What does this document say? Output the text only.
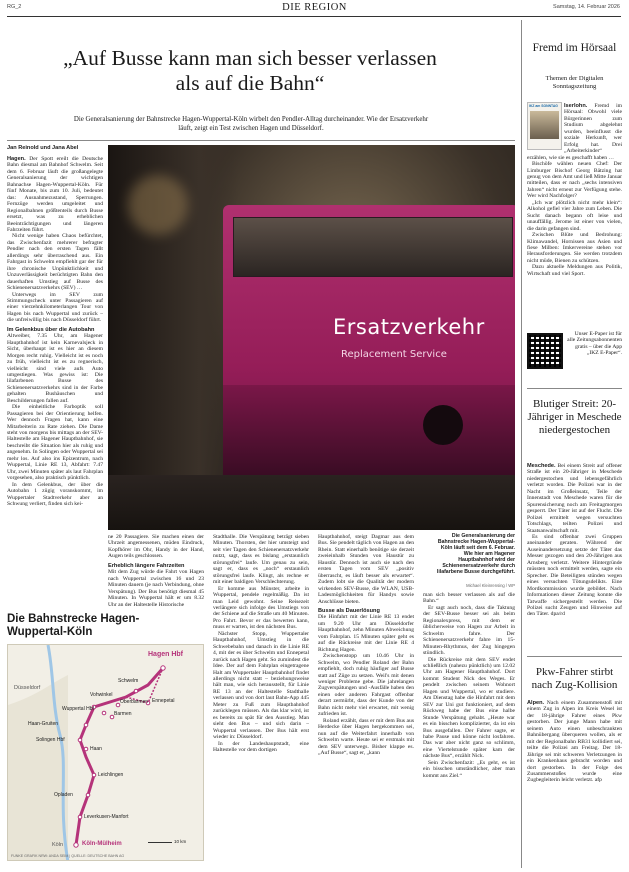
RG_2	DIE REGION	Samstag, 14. Februar 2026
„Auf Busse kann man sich besser verlassen als auf die Bahn“
Die Generalsanierung der Bahnstrecke Hagen-Wuppertal-Köln wirbelt den Pendler-Alltag durcheinander. Wie der Ersatzverkehr läuft, zeigt ein Test zwischen Hagen und Düsseldorf.
Jan Reinold und Jana Abel

Hagen. Der Spott ereilt die Deutsche Bahn diesmal am Bahnhof Schwelm. Seit dem 6. Februar läuft die großangelegte Generalsanierung der wichtigen Bahnachse Hagen-Wuppertal-Köln. Für fünf Monate, bis zum 10. Juli, bedeutet das: Ausnahmezustand, Sperrungen. Fernzüge werden umgeleitet und Regionalbahnen größtenteils durch Busse ersetzt, was zu erheblichen Beeinträchtigungen und längeren Fahrzeiten führt.

Nicht wenige haben Chaos befürchtet, das Zwischenfazit mehrerer befragter Pendler nach den ersten Tagen fällt allerdings sehr überraschend aus. Ein Fahrgast in Schwelm empfiehlt gar der für ihre chronische Unpünktlichkeit und Unzuverlässigkeit berüchtigten Bahn den dauerhaften Umstieg auf Busse des Schienenersatzverkehrs (SEV) …

Unterwegs im SEV zum Stimmungscheck unter Passagieren auf einer vierzehnkilometerlangen Tour von Hagen bis nach Wuppertal und zurück – die unfreiwillig bis nach Düsseldorf führt.

Im Gelenkbus über die Autobahn

Altweiber, 7.35 Uhr, am Hagener Hauptbahnhof ist kein Karnevalsjeck in Sicht, überhaupt ist es hier an diesem Morgen recht ruhig. Vielleicht ist es noch zu früh, vielleicht ist es zu regnerisch, vielleicht sind viele aufs Auto umgestiegen. Was gewiss ist: Die lilafarbenen Busse des Schienenersatzverkehrs sind in der Farbe gehalten Bushäuschen und Beschilderungen fallen auf.

Die einheitliche Farboptik soll Passagieren bei der Orientierung helfen. Wer dennoch Fragen hat, kann eine Mitarbeiterin zu Rate ziehen. Die Dame steht von morgens bis mittags an der SEV-Haltestelle am Hagener Hauptbahnhof, sie beschreibt die Situation hier als ruhig und angenehm. In Solingen oder Wuppertal sei mehr los. Auf also ins Epizentrum, nach Wuppertal, Linie RE 13, Abfahrt: 7.47 Uhr, zwei Minuten später als laut Fahrplan vorgesehen, also praktisch pünktlich.

In dem Gelenkbus, der über die Autobahn 1 zügig voranskommt, im Wuppertaler Stadtverkehr aber an Schwung verliert, finden sich kei-

Ersatzverkehr
Replacement Service
Die Generalsanierung der Bahnstrecke Hagen-Wuppertal-Köln läuft seit dem 6. Februar. Wie hier am Hagener Hauptbahnhof wird der Schienenersatzverkehr durch lilafarbene Busse durchgeführt.
Michael Kleinrensing / WP

ne 20 Passagiere. Sie machen einen der Uhrzeit angemessenen, müden Eindruck, Kopfhörer im Ohr, Handy in der Hand, Augen teils geschlossen.

Erheblich längere Fahrzeiten

Mit dem Zug würde die Fahrt von Hagen nach Wuppertal zwischen 16 und 23 Minuten dauern (je nach Verbindung, ohne Verspätung). Der Bus benötigt diesmal 45 Minuten. In Wuppertal hält er um 8.32 Uhr an der Haltestelle Historische

Stadthalle. Die Verspätung beträgt sieben Minuten. Thorsten, der hier umsteigt und seit vier Tagen den Schienenersatzverkehr nutzt, sagt, dass es bislang „erstaunlich störungsfrei“ laufe. Um genau zu sein, sagt er, dass es „noch“ erstaunlich störungsfrei laufe. Klingt, als rechne er mit einer baldigen Verschlechterung.

Er komme aus Münster, arbeite in Wuppertal, pendele regelmäßig. Da ist man Leid gewohnt. Seine Reisezeit verlängere sich infolge des Umstiegs von der Schiene auf die Straße um 40 Minuten. Pro Fahrt. Bevor er das bewerten kann, muss er warten, ist den nächsten Bus.

Nächster Stopp, Wuppertaler Hauptbahnhof, Umstieg in die Schwebebahn und danach in die Linie RE 4, mit der es über Schwelm und Ennepetal zurück nach Hagen geht. So zumindest die Idee. Der auf dem Fahrplan eingetragene Halt am Wuppertaler Hauptbahnhof findet allerdings nicht statt – beziehungsweise hält man, wie sich herausstellt, für Linie RE 13 an der Haltestelle Stadthalle verlassen und von dort laut Bahn-App 445 Meter zu Fuß zum Hauptbahnhof zurücklegen müssen. Als das klar wird, ist es bereits zu spät für den Ausstieg. Man sieht den Bus – und sich darin – Wuppertal verlassen. Der Bus hält erst wieder in: Düsseldorf.

In der Landeshauptstadt, eine Haltestelle vor dem dortigen

Hauptbahnhof, steigt Dagmar aus dem Bus. Sie pendelt täglich von Hagen an den Rhein. Statt einerhalb benötige sie derzeit zweieinhalb Stunden von Haustür zu Haustür. Dennoch ist auch sie nach den ersten Tagen vom SEV „positiv überrascht, es läuft besser als erwartet“. Zudem lobt sie die Qualität der modern wirkenden SEV-Busse, die WLAN, USB-Ladesmöglichkeiten für Handys sowie Anschlüsse bieten.

Busse als Dauerlösung

Die Hinfahrt mit der Linie RE 13 endet um 9.20 Uhr am Düsseldorfer Hauptbahnhof, zehn Minuten Abweichung vom Fahrplan. 15 Minuten später geht es auf die Rückreise mit der Linie RE 4 Richtung Hagen.

Zwischenstopp um 10.46 Uhr in Schwelm, wo Pendler Roland der Bahn empfiehlt, doch ruhig häufiger auf Busse statt auf Züge zu setzen. Weil's mit denen weniger Probleme gebe. Die jahrelangen Zugverspätungen und -Ausfälle haben den einen oder anderen Fahrgast offenbar derart zermürbt, dass der Kunde von der Bahn nicht mehr viel erwartet, mit wenig zufrieden ist.

Roland erzählt, dass er mit dem Bus aus Herdecke über Hagen hergekommen sei, nun auf die Weiterfahrt innerhalb von Schwelm warte. Heute sei er erstmals mit dem SEV unterwegs. Bisher klappe es. „Auf Busse“, sagt er, „kann

man sich besser verlassen als auf die Bahn.“

Er sagt auch noch, dass die Taktung der SEV-Busse besser sei als beim Regionalexpress, mit dem er üblicherweise von Hagen zur Arbeit in Schwelm fahre. Der Schienenersatzverkehr fahre im 15-Minuten-Rhythmus, der Zug hingegen stündlich.

Die Rückreise mit dem SEV endet schließlich (nahezu pünktlich) um 12.02 Uhr am Hagener Hauptbahnhof. Dort kommt Student Nick des Weges. Er pendelt zwischen seinem Wohnort Hagen und Wuppertal, wo er studiere. Am Dienstag habe die Hinfahrt mit dem SEV zur Uni gut funktioniert, auf dem Rückweg habe der Bus eine halbe Stunde Verspätung gehabt. „Heute war es ein bisschen komplizierter, da ist ein Bus ausgefallen. Der Fahrer sagte, er habe Pause und könne nicht losfahren. Das war aber nicht ganz so schlimm, eine Viertelstunde später kam der nächste Bus“, erzählt Nick.

Sein Zwischenfazit: „Es geht, es ist ein bisschen umständlicher, aber man kommt ans Ziel.“

Die Bahnstrecke Hagen-Wuppertal-Köln
Hagen Hbf
Schwelm
Ennepetal
Vohwinkel
Oberbarmen
Wuppertal Hbf
Barmen
Haan-Gruiten
Solingen Hbf
Haan
Leichlingen
Opladen
Leverkusen-Manfort
Köln-Mülheim
Düsseldorf
Köln
10 km
FUNKE GRAFIK NRW: ANDA SEIM | QUELLE: DEUTSCHE BAHN AG
Fremd im Hörsaal
Themen der Digitalen Sonntagszeitung
IKZ am SONNTAG	Iserlohn. Fremd im Hörsaal: Obwohl viele Bürgerinnen zum Studium abgelehnt wurden, beeinflusst die soziale Herkunft, wer Erfolg hat. Drei „Arbeiterkinder“ erzählen, wie sie es geschafft haben …

Bischöfe wählen neuen Chef: Der Limburger Bischof Georg Bätzing hat genug von dem Amt und ließ Mitte Januar mitteilen, dass er nach „sechs intensiven Jahren“ nicht erneut zur Verfügung stehe. Wer wird Nachfolger?

„Ich war plötzlich nicht mehr klein“: Alkohol gefiel vier Jahre zum Leben. Die Sucht danach begann oft leise und unauffällig. Jerome ist einer von vielen, die darin gefangen sind.

Zwischen Blüte und Bedrohung: Klimawandel, Hornissen aus Asien und fiese Milben: Imkervereine stehen vor Herausforderungen. Sie werden trotzdem nicht müde, Bienen zu schützen.

Dazu aktuelle Meldungen aus Politik, Wirtschaft und viel Sport.

Unser E-Paper ist für alle Zeitungsabonnenten gratis – über die App „IKZ E-Paper“.
Blutiger Streit: 20-Jähriger in Meschede niedergestochen

Meschede. Bei einem Streit auf offener Straße ist ein 20-Jähriger in Meschede niedergestochen und lebensgefährlich verletzt worden. Die Polizei war in der Nacht im Großeinsatz, Teile der Innenstadt von Meschede waren für die Spurensicherung noch am Freitagmorgen gesperrt. Der Täter ist auf der Flucht. Die Polizei ermittelt wegen versuchten Totschlags, teilten Polizei und Staatsanwaltschaft mit.

Es sind offenbar zwei Gruppen aneinander geraten. Während der Auseinandersetzung setzte der Täter das Messer gezogen und den 20-Jährigen aus Arnsberg verletzt. Weitere Hintergründe müssten noch ermittelt werden, sagte ein Sprecher. Die Beteiligten stünden wegen eines versuchten Tötungsdelikts. Eine Mordkommission wurde gebildet. Nach Informationen dieser Zeitung konnte die Tatwaffe sichergestellt werden. Die Polizei sucht Zeugen und Hinweise auf den Täter. dpa/rd

Pkw-Fahrer stirbt nach Zug-Kollision

Alpen. Nach einem Zusammenstoß mit einem Zug in Alpen im Kreis Wesel ist der 18-jährige Fahrer eines Pkw gestorben. Der junge Mann habe mit seinem Auto einen unbeschrankten Bahnübergang überqueren wollen, als er mit der Regionalbahn RB31 kollidiert sei, teilte die Polizei am Freitag. Der 18-Jährige sei mit schweren Verletzungen in ein Krankenhaus gebracht worden und dort gestorben. In der Folge des Zusammenstoßes wurde eine Zugbegleiterin leicht verletzt. afp
